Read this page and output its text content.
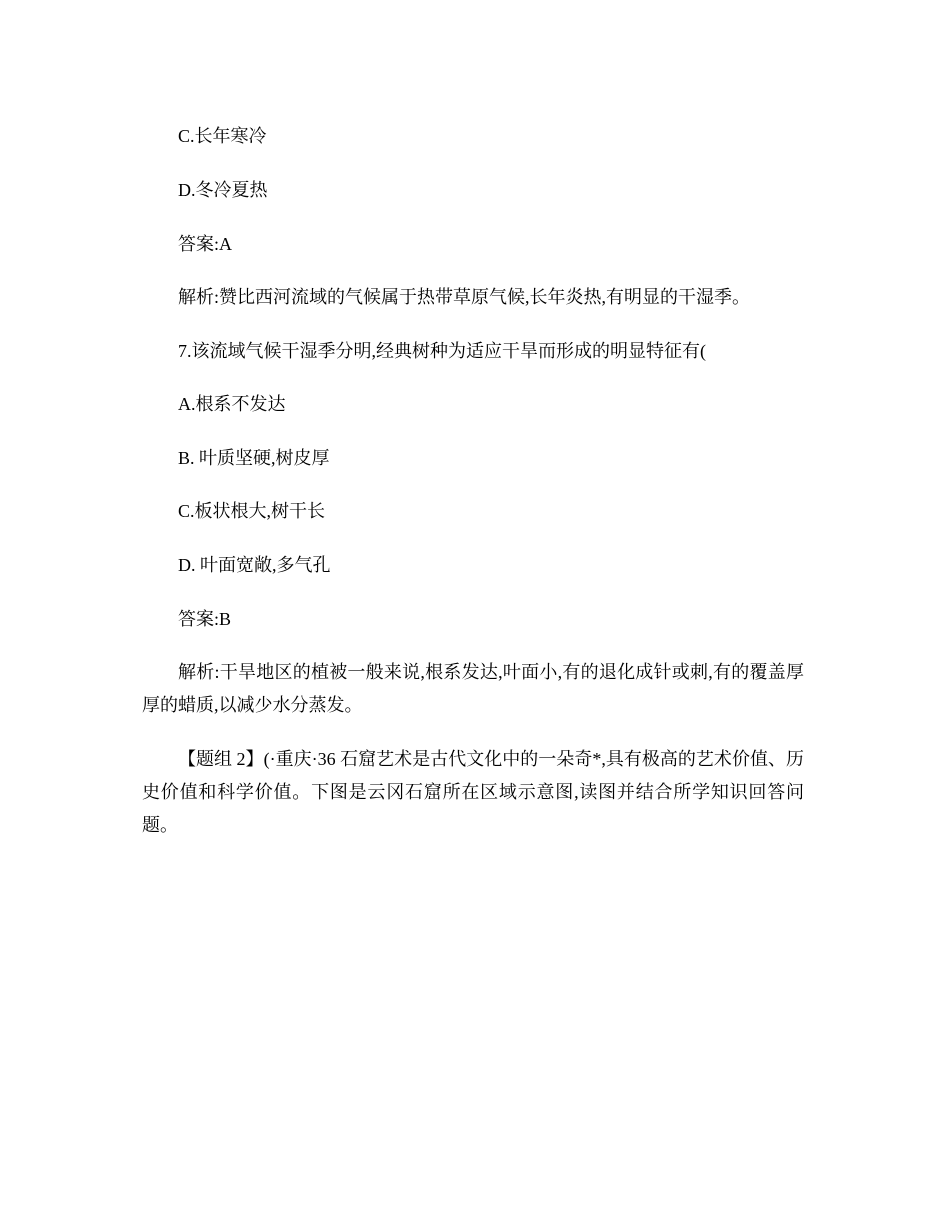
C.长年寒冷
D.冬冷夏热
答案:A
解析:赞比西河流域的气候属于热带草原气候,长年炎热,有明显的干湿季。
7.该流域气候干湿季分明,经典树种为适应干旱而形成的明显特征有(
A.根系不发达
B. 叶质坚硬,树皮厚
C.板状根大,树干长
D. 叶面宽敞,多气孔
答案:B
解析:干旱地区的植被一般来说,根系发达,叶面小,有的退化成针或刺,有的覆盖厚厚的蜡质,以减少水分蒸发。
【题组 2】(·重庆·36 石窟艺术是古代文化中的一朵奇*,具有极高的艺术价值、历史价值和科学价值。下图是云冈石窟所在区域示意图,读图并结合所学知识回答问题。
